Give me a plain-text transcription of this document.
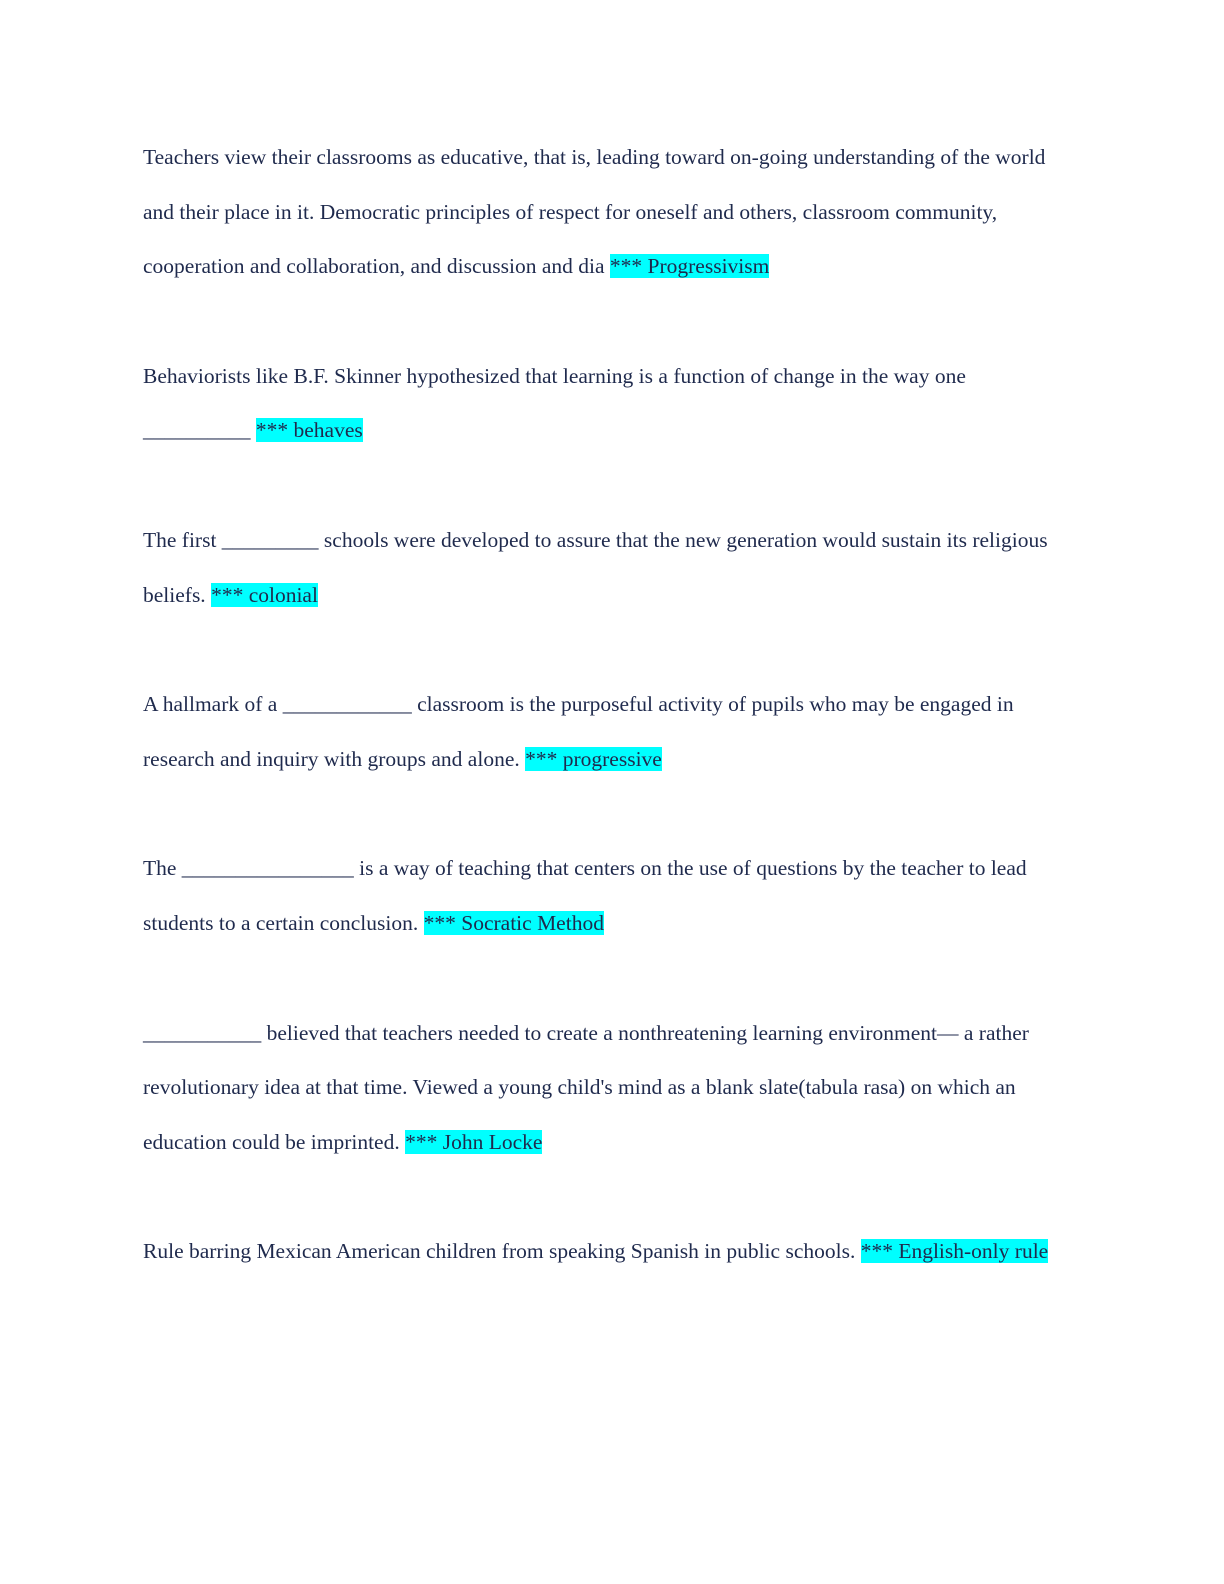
Teachers view their classrooms as educative, that is, leading toward on-going understanding of the world and their place in it. Democratic principles of respect for oneself and others, classroom community, cooperation and collaboration, and discussion and dia *** Progressivism

Behaviorists like B.F. Skinner hypothesized that learning is a function of change in the way one __________ *** behaves

The first _________ schools were developed to assure that the new generation would sustain its religious beliefs. *** colonial

A hallmark of a ____________ classroom is the purposeful activity of pupils who may be engaged in research and inquiry with groups and alone. *** progressive

The ________________ is a way of teaching that centers on the use of questions by the teacher to lead students to a certain conclusion. *** Socratic Method

___________ believed that teachers needed to create a nonthreatening learning environment— a rather revolutionary idea at that time. Viewed a young child's mind as a blank slate(tabula rasa) on which an education could be imprinted. *** John Locke

Rule barring Mexican American children from speaking Spanish in public schools. *** English-only rule
